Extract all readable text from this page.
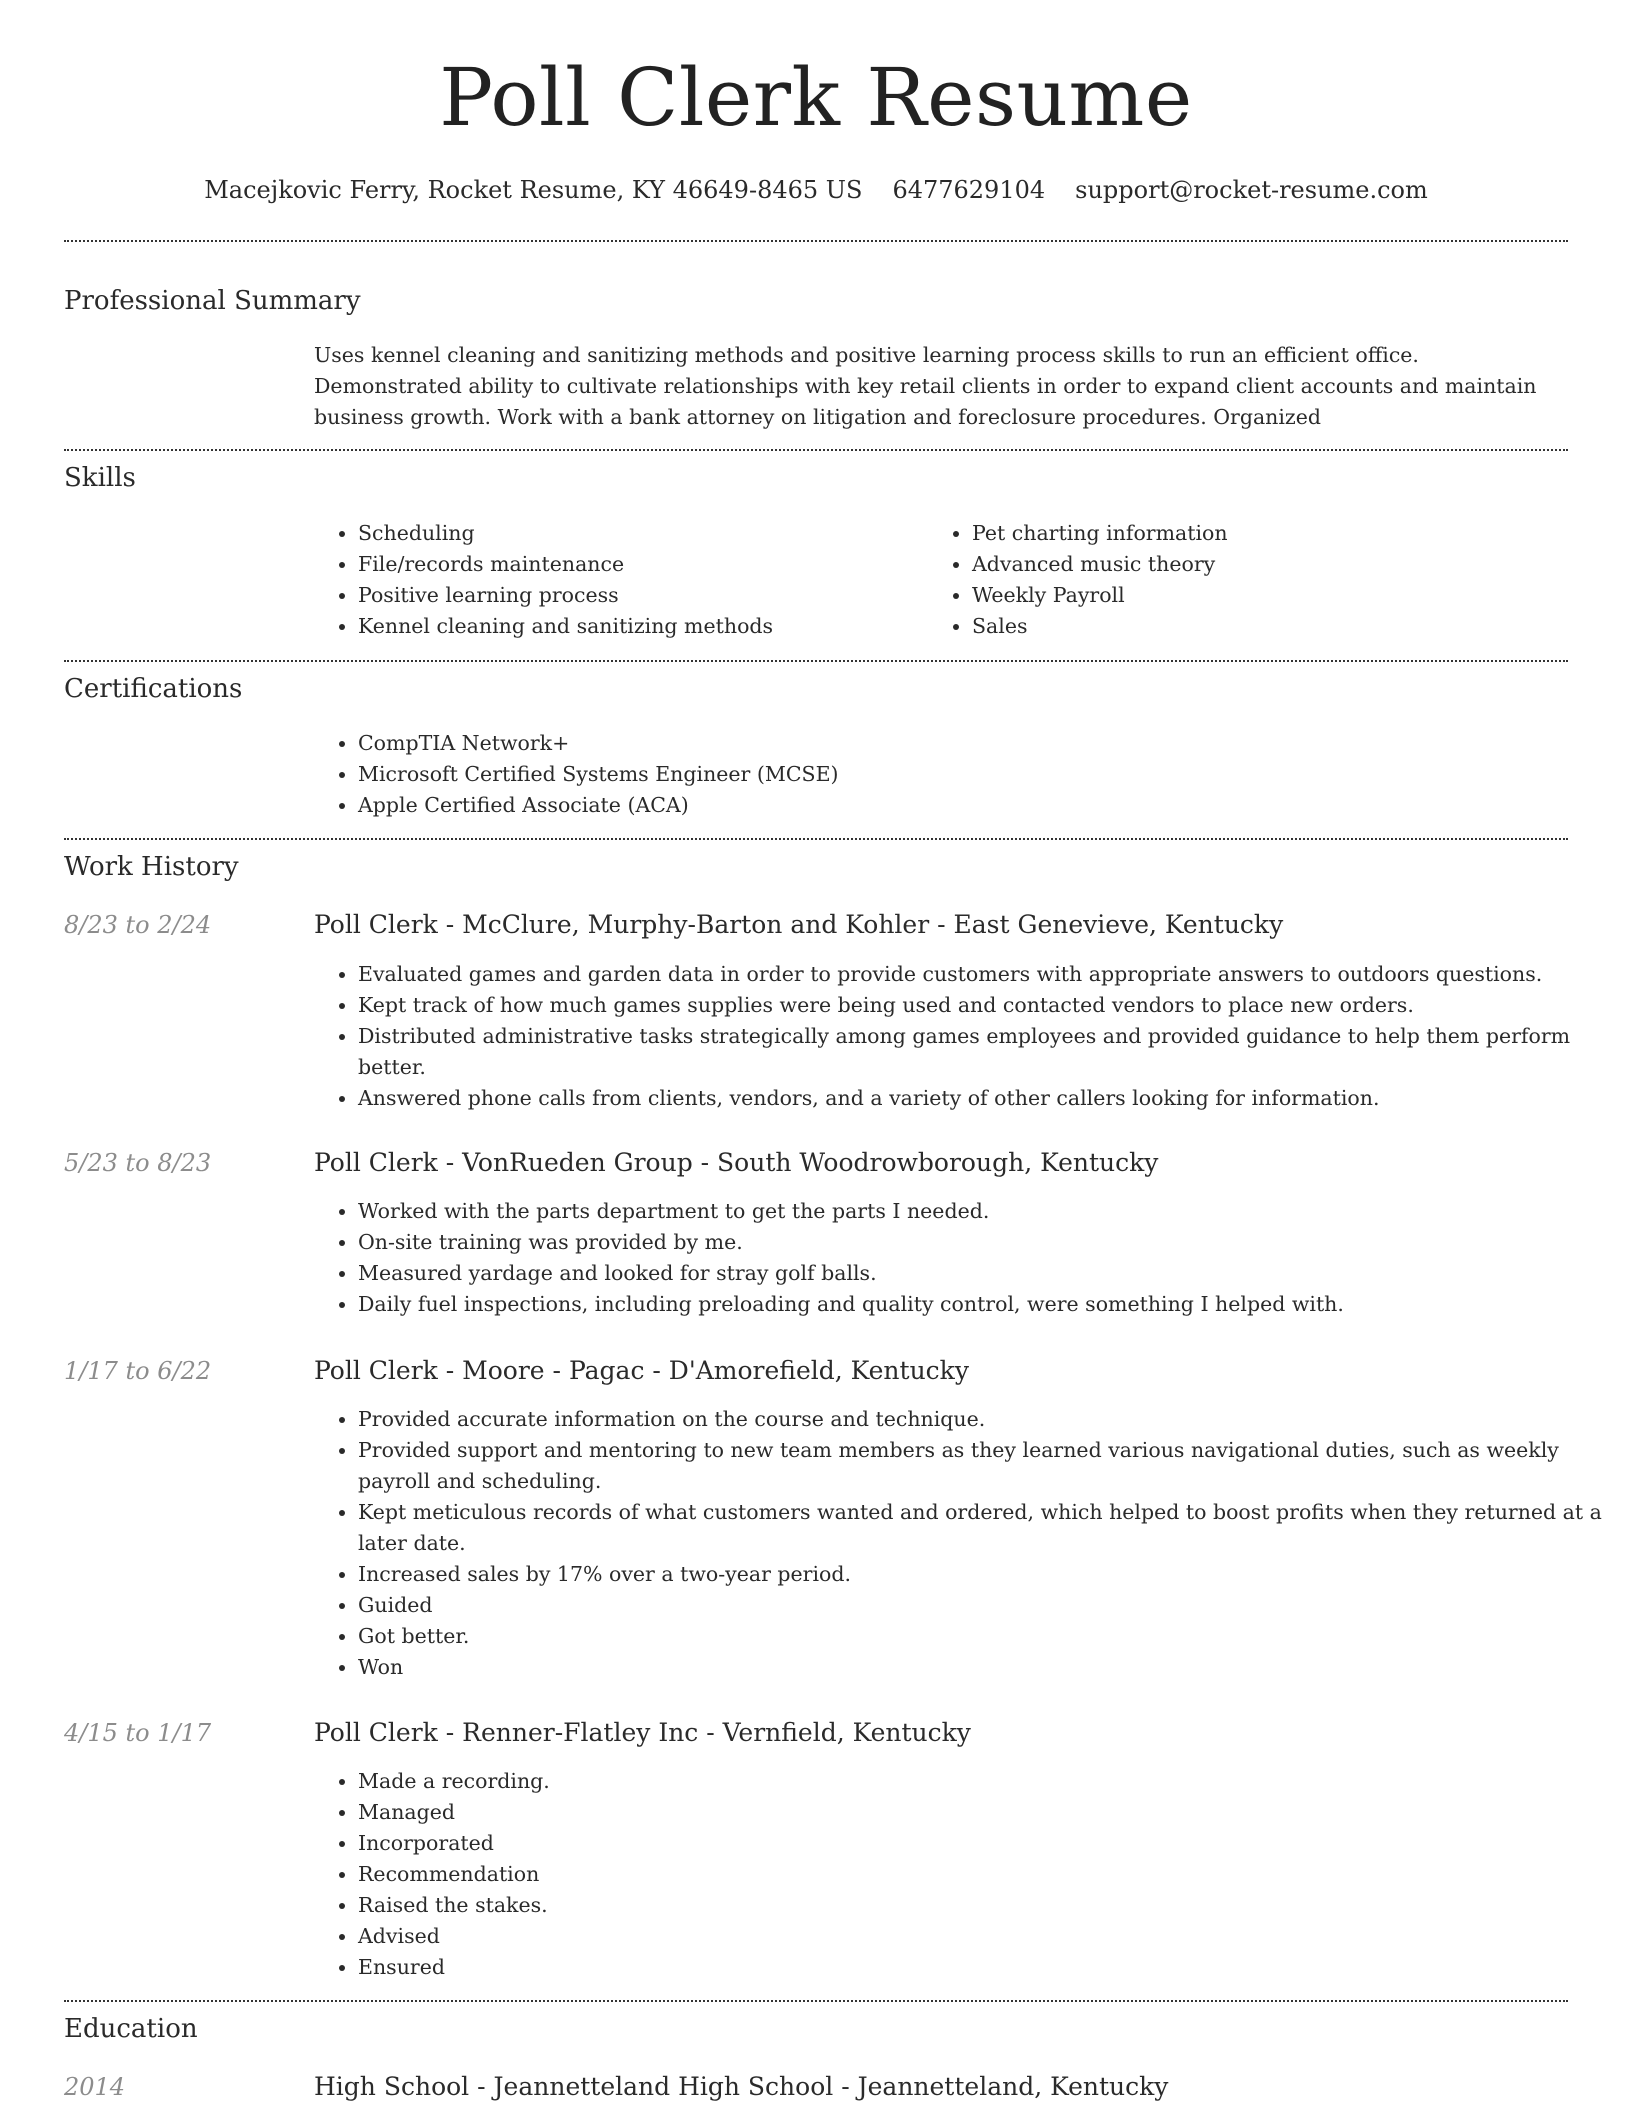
Poll Clerk Resume
Macejkovic Ferry, Rocket Resume, KY 46649-8465 US 6477629104 support@rocket-resume.com
Professional Summary

Uses kennel cleaning and sanitizing methods and positive learning process skills to run an efficient office. Demonstrated ability to cultivate relationships with key retail clients in order to expand client accounts and maintain business growth. Work with a bank attorney on litigation and foreclosure procedures. Organized

Skills
• Scheduling
• File/records maintenance
• Positive learning process
• Kennel cleaning and sanitizing methods
• Pet charting information
• Advanced music theory
• Weekly Payroll
• Sales
Certifications
• CompTIA Network+
• Microsoft Certified Systems Engineer (MCSE)
• Apple Certified Associate (ACA)
Work History
8/23 to 2/24	Poll Clerk - McClure, Murphy-Barton and Kohler - East Genevieve, Kentucky
• Evaluated games and garden data in order to provide customers with appropriate answers to outdoors questions.
• Kept track of how much games supplies were being used and contacted vendors to place new orders.
• Distributed administrative tasks strategically among games employees and provided guidance to help them perform better.
• Answered phone calls from clients, vendors, and a variety of other callers looking for information.
5/23 to 8/23	Poll Clerk - VonRueden Group - South Woodrowborough, Kentucky
• Worked with the parts department to get the parts I needed.
• On-site training was provided by me.
• Measured yardage and looked for stray golf balls.
• Daily fuel inspections, including preloading and quality control, were something I helped with.
1/17 to 6/22	Poll Clerk - Moore - Pagac - D'Amorefield, Kentucky
• Provided accurate information on the course and technique.
• Provided support and mentoring to new team members as they learned various navigational duties, such as weekly payroll and scheduling.
• Kept meticulous records of what customers wanted and ordered, which helped to boost profits when they returned at a later date.
• Increased sales by 17% over a two-year period.
• Guided
• Got better.
• Won
4/15 to 1/17	Poll Clerk - Renner-Flatley Inc - Vernfield, Kentucky
• Made a recording.
• Managed
• Incorporated
• Recommendation
• Raised the stakes.
• Advised
• Ensured
Education
2014	High School - Jeannetteland High School - Jeannetteland, Kentucky
